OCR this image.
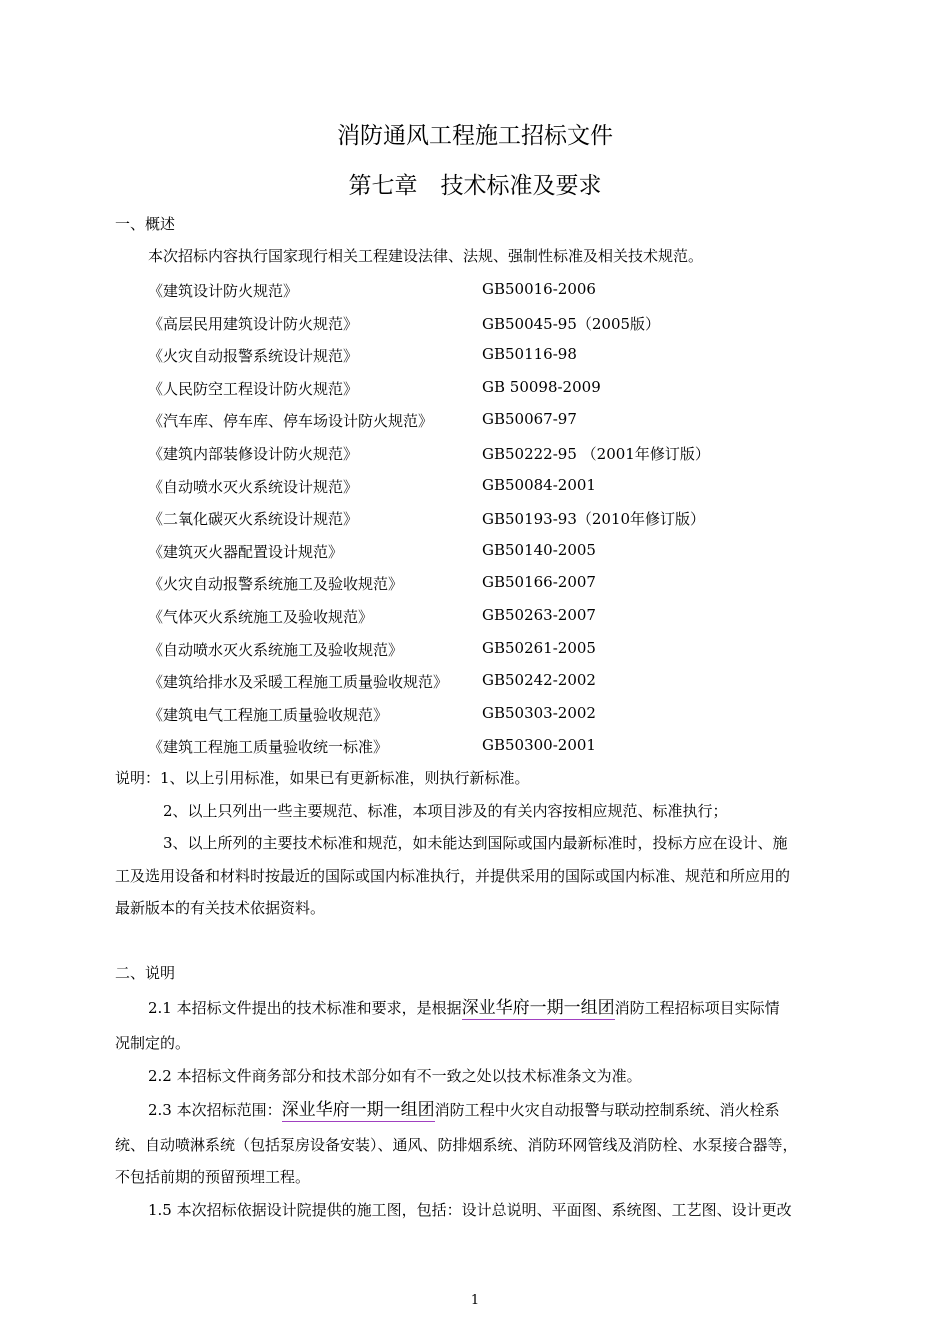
消防通风工程施工招标文件
第七章　技术标准及要求
一、概述
本次招标内容执行国家现行相关工程建设法律、法规、强制性标准及相关技术规范。
《建筑设计防火规范》	GB50016-2006
《高层民用建筑设计防火规范》	GB50045-95（2005版）
《火灾自动报警系统设计规范》	GB50116-98
《人民防空工程设计防火规范》	GB 50098-2009
《汽车库、停车库、停车场设计防火规范》	GB50067-97
《建筑内部装修设计防火规范》	GB50222-95 （2001年修订版）
《自动喷水灭火系统设计规范》	GB50084-2001
《二氧化碳灭火系统设计规范》	GB50193-93（2010年修订版）
《建筑灭火器配置设计规范》	GB50140-2005
《火灾自动报警系统施工及验收规范》	GB50166-2007
《气体灭火系统施工及验收规范》	GB50263-2007
《自动喷水灭火系统施工及验收规范》	GB50261-2005
《建筑给排水及采暖工程施工质量验收规范》 GB50242-2002
《建筑电气工程施工质量验收规范》	GB50303-2002
《建筑工程施工质量验收统一标准》	GB50300-2001
说明：1、以上引用标准，如果已有更新标准，则执行新标准。
2、以上只列出一些主要规范、标准，本项目涉及的有关内容按相应规范、标准执行；
3、以上所列的主要技术标准和规范，如未能达到国际或国内最新标准时，投标方应在设计、施
工及选用设备和材料时按最近的国际或国内标准执行，并提供采用的国际或国内标准、规范和所应用的
最新版本的有关技术依据资料。
二、说明
2.1 本招标文件提出的技术标准和要求，是根据深业华府一期一组团消防工程招标项目实际情
况制定的。
2.2 本招标文件商务部分和技术部分如有不一致之处以技术标准条文为准。
2.3 本次招标范围：深业华府一期一组团消防工程中火灾自动报警与联动控制系统、消火栓系
统、自动喷淋系统（包括泵房设备安装）、通风、防排烟系统、消防环网管线及消防栓、水泵接合器等，
不包括前期的预留预埋工程。
1.5 本次招标依据设计院提供的施工图，包括：设计总说明、平面图、系统图、工艺图、设计更改
1
